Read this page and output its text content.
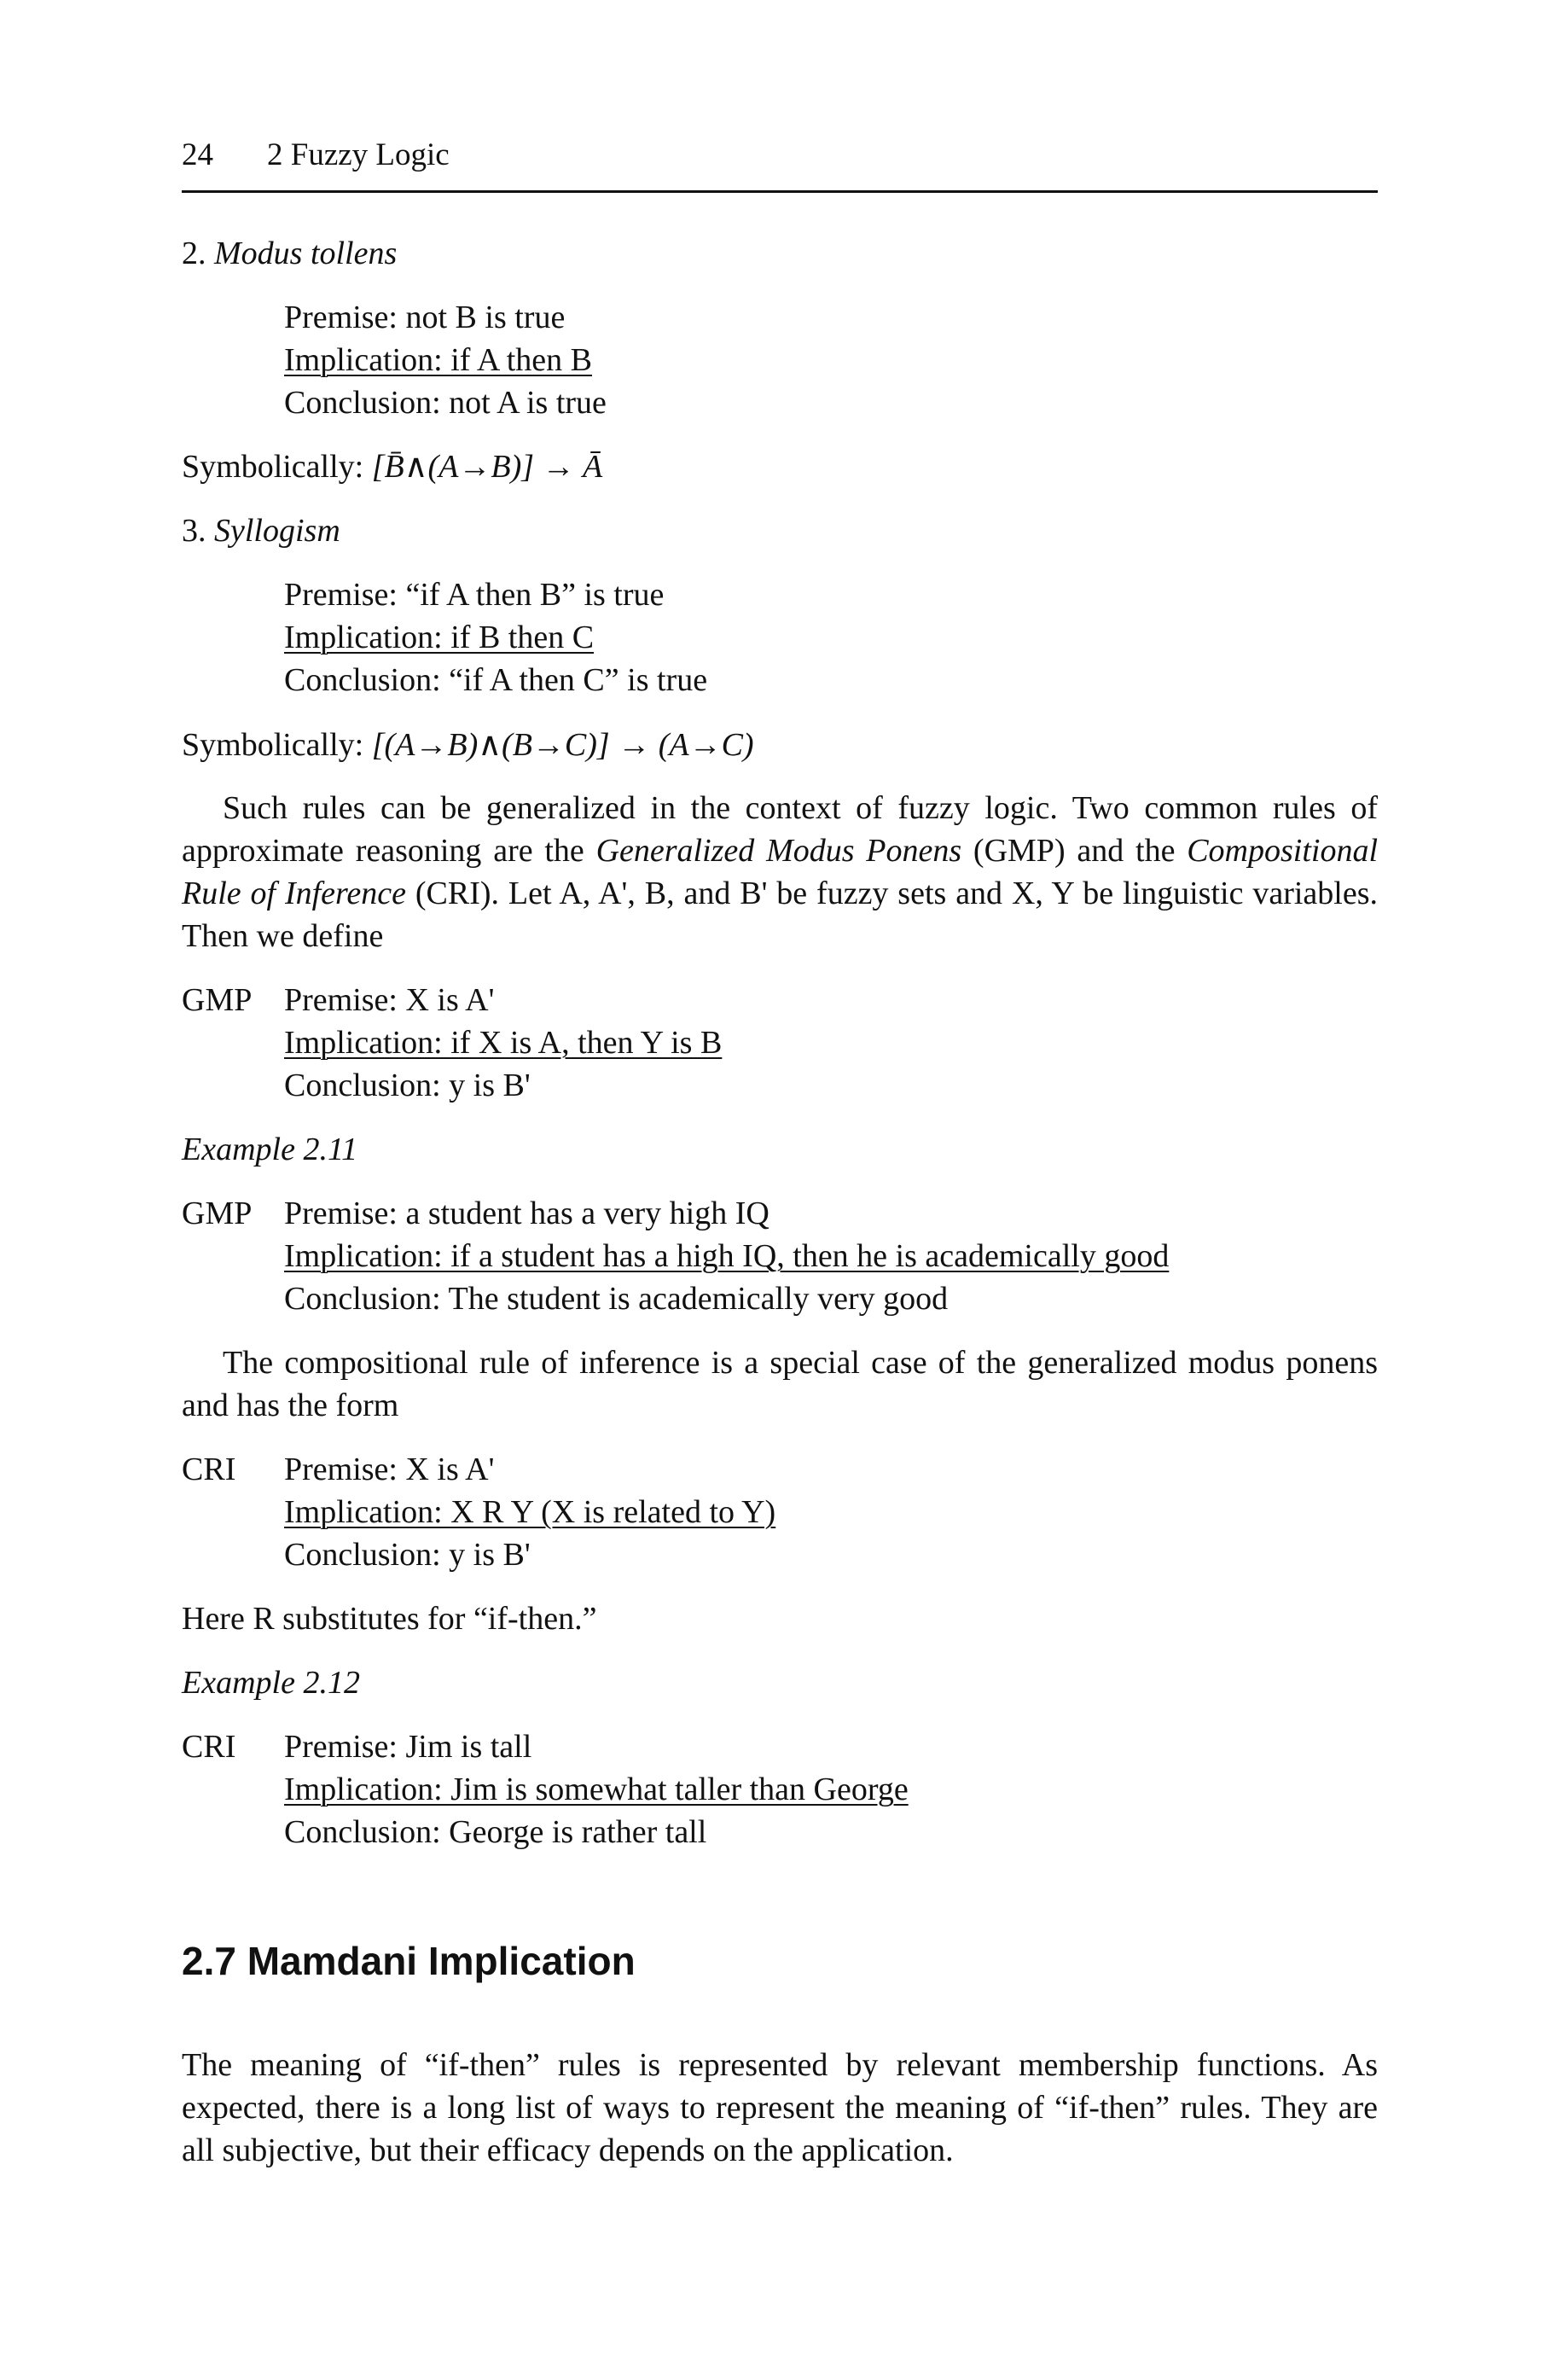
24 2 Fuzzy Logic
2. Modus tollens
Premise: not B is true
Implication: if A then B
Conclusion: not A is true
Symbolically: [B̄∧(A→B)] → Ā
3. Syllogism
Premise: “if A then B” is true
Implication: if B then C
Conclusion: “if A then C” is true
Symbolically: [(A→B)∧(B→C)] → (A→C)
Such rules can be generalized in the context of fuzzy logic. Two common rules of approximate reasoning are the Generalized Modus Ponens (GMP) and the Compositional Rule of Inference (CRI). Let A, A', B, and B' be fuzzy sets and X, Y be linguistic variables. Then we define
GMP Premise: X is A'
Implication: if X is A, then Y is B
Conclusion: y is B'
Example 2.11
GMP Premise: a student has a very high IQ
Implication: if a student has a high IQ, then he is academically good
Conclusion: The student is academically very good
The compositional rule of inference is a special case of the generalized modus ponens and has the form
CRI Premise: X is A'
Implication: X R Y (X is related to Y)
Conclusion: y is B'
Here R substitutes for “if-then.”
Example 2.12
CRI Premise: Jim is tall
Implication: Jim is somewhat taller than George
Conclusion: George is rather tall
2.7 Mamdani Implication
The meaning of “if-then” rules is represented by relevant membership functions. As expected, there is a long list of ways to represent the meaning of “if-then” rules. They are all subjective, but their efficacy depends on the application.
